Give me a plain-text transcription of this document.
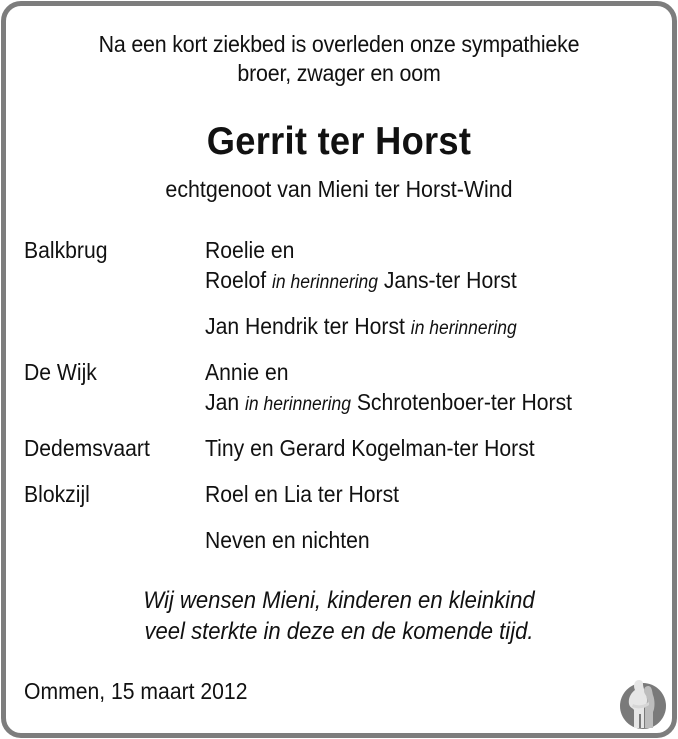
Na een kort ziekbed is overleden onze sympathieke
broer, zwager en oom
Gerrit ter Horst
echtgenoot van Mieni ter Horst-Wind
Balkbrug	Roelie en
Roelof in herinnering Jans-ter Horst
Jan Hendrik ter Horst in herinnering
De Wijk	Annie en
Jan in herinnering Schrotenboer-ter Horst
Dedemsvaart Tiny en Gerard Kogelman-ter Horst
Blokzijl	Roel en Lia ter Horst
Neven en nichten
Wij wensen Mieni, kinderen en kleinkind
veel sterkte in deze en de komende tijd.
Ommen, 15 maart 2012
